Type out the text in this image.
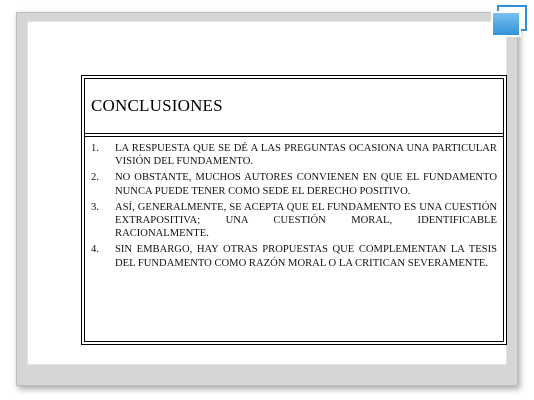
CONCLUSIONES
1.	LA RESPUESTA QUE SE DÉ A LAS PREGUNTAS OCASIONA UNA PARTICULAR VISIÓN DEL FUNDAMENTO.
2.	NO OBSTANTE, MUCHOS AUTORES CONVIENEN EN QUE EL FUNDAMENTO NUNCA PUEDE TENER COMO SEDE EL DERECHO POSITIVO.
3.	ASÍ, GENERALMENTE, SE ACEPTA QUE EL FUNDAMENTO ES UNA CUESTIÓN EXTRAPOSITIVA; UNA CUESTIÓN MORAL, IDENTIFICABLE RACIONALMENTE.
4.	SIN EMBARGO, HAY OTRAS PROPUESTAS QUE COMPLEMENTAN LA TESIS DEL FUNDAMENTO COMO RAZÓN MORAL O LA CRITICAN SEVERAMENTE.
